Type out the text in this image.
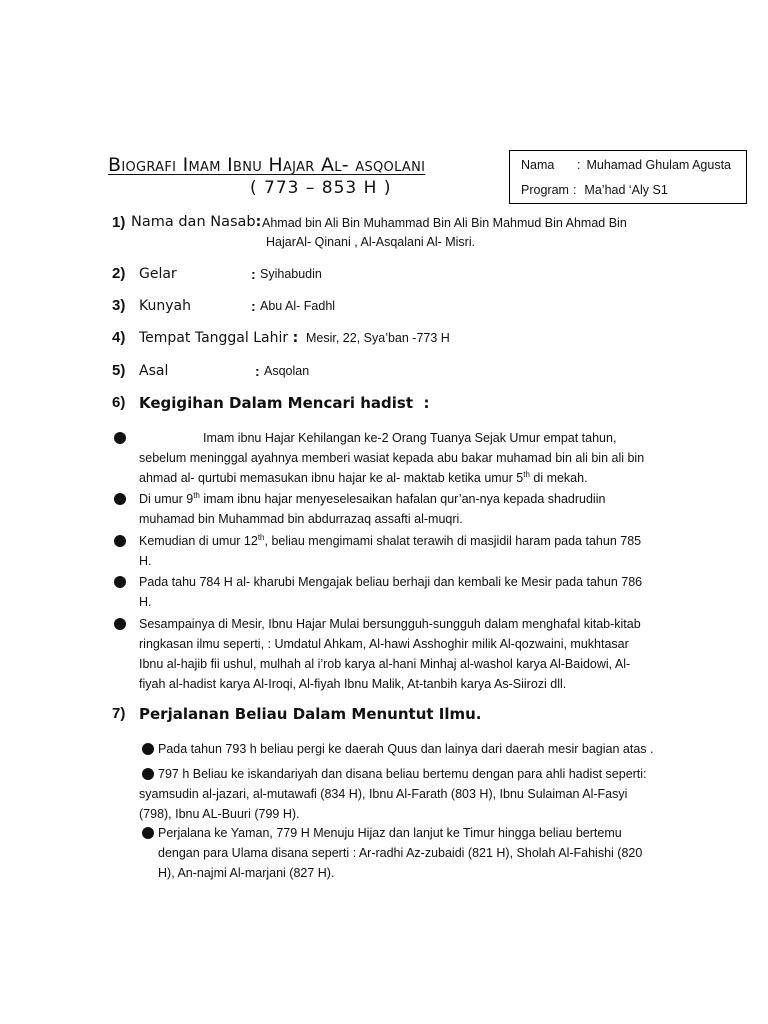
Biografi Imam Ibnu Hajar Al- asqolani
( 773 – 853 H )
Nama : Muhamad Ghulam Agusta
Program : Ma’had ‘Aly S1
1) Nama dan Nasab: Ahmad bin Ali Bin Muhammad Bin Ali Bin Mahmud Bin Ahmad Bin
HajarAl- Qinani , Al-Asqalani Al- Misri.
2) Gelar	: Syihabudin
3) Kunyah	: Abu Al- Fadhl
4) Tempat Tanggal Lahir : Mesir, 22, Sya’ban -773 H
5) Asal	: Asqolan
6) Kegigihan Dalam Mencari hadist :
Imam ibnu Hajar Kehilangan ke-2 Orang Tuanya Sejak Umur empat tahun,
sebelum meninggal ayahnya memberi wasiat kepada abu bakar muhamad bin ali bin ali bin
ahmad al- qurtubi memasukan ibnu hajar ke al- maktab ketika umur 5th di mekah.
Di umur 9th imam ibnu hajar menyeselesaikan hafalan qur’an-nya kepada shadrudiin
muhamad bin Muhammad bin abdurrazaq assafti al-muqri.
Kemudian di umur 12th, beliau mengimami shalat terawih di masjidil haram pada tahun 785
H.
Pada tahu 784 H al- kharubi Mengajak beliau berhaji dan kembali ke Mesir pada tahun 786
H.
Sesampainya di Mesir, Ibnu Hajar Mulai bersungguh-sungguh dalam menghafal kitab-kitab
ringkasan ilmu seperti, : Umdatul Ahkam, Al-hawi Asshoghir milik Al-qozwaini, mukhtasar
Ibnu al-hajib fii ushul, mulhah al i’rob karya al-hani Minhaj al-washol karya Al-Baidowi, Al-
fiyah al-hadist karya Al-Iroqi, Al-fiyah Ibnu Malik, At-tanbih karya As-Siirozi dll.
7) Perjalanan Beliau Dalam Menuntut Ilmu.
Pada tahun 793 h beliau pergi ke daerah Quus dan lainya dari daerah mesir bagian atas .
797 h Beliau ke iskandariyah dan disana beliau bertemu dengan para ahli hadist seperti:
syamsudin al-jazari, al-mutawafi (834 H), Ibnu Al-Farath (803 H), Ibnu Sulaiman Al-Fasyi
(798), Ibnu AL-Buuri (799 H).
Perjalana ke Yaman, 779 H Menuju Hijaz dan lanjut ke Timur hingga beliau bertemu
dengan para Ulama disana seperti : Ar-radhi Az-zubaidi (821 H), Sholah Al-Fahishi (820
H), An-najmi Al-marjani (827 H).
